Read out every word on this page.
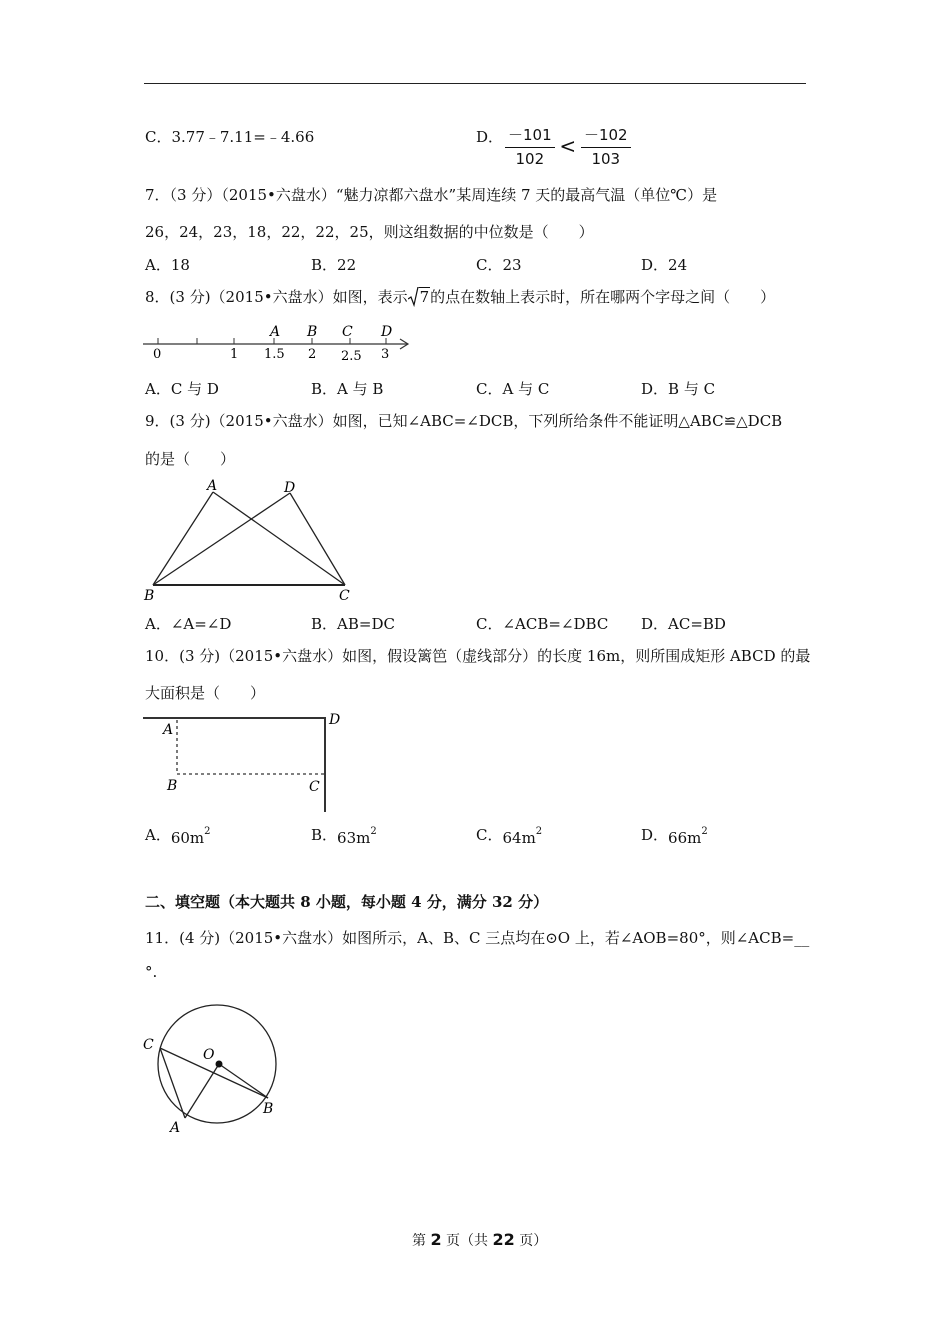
C．3.77﹣7.11=﹣4.66	D． $\frac{-101}{102} < \frac{-102}{103}$
7．（3 分）（2015•六盘水）“魅力凉都六盘水”某周连续 7 天的最高气温（单位℃）是
26，24，23，18，22，22，25，则这组数据的中位数是（　　）
A．18	B．22	C．23	D．24
8．(3 分)（2015•六盘水）如图，表示 7的点在数轴上表示时，所在哪两个字母之间（　　）
A B C D
0	1 1.5 2 2.5 3
A．C 与 D	B．A 与 B	C．A 与 C	D．B 与 C
9．(3 分)（2015•六盘水）如图，已知∠ABC=∠DCB，下列所给条件不能证明△ABC≌△DCB
的是（　　）
A	D
B	C
A．∠A=∠D	B．AB=DC	C．∠ACB=∠DBC D．AC=BD
10．(3 分)（2015•六盘水）如图，假设篱笆（虚线部分）的长度 16m，则所围成矩形 ABCD 的最
大面积是（　　）
A
B	C
D
A．$60m^2$	B．$63m^2$	C．$64m^2$	D．$66m^2$
二、填空题（本大题共 8 小题，每小题 4 分，满分 32 分）
11．(4 分)（2015•六盘水）如图所示，A、B、C 三点均在⊙O 上，若∠AOB=80°，则∠ACB=__
°.
C
O
B
A
第 2 页（共 22 页）
